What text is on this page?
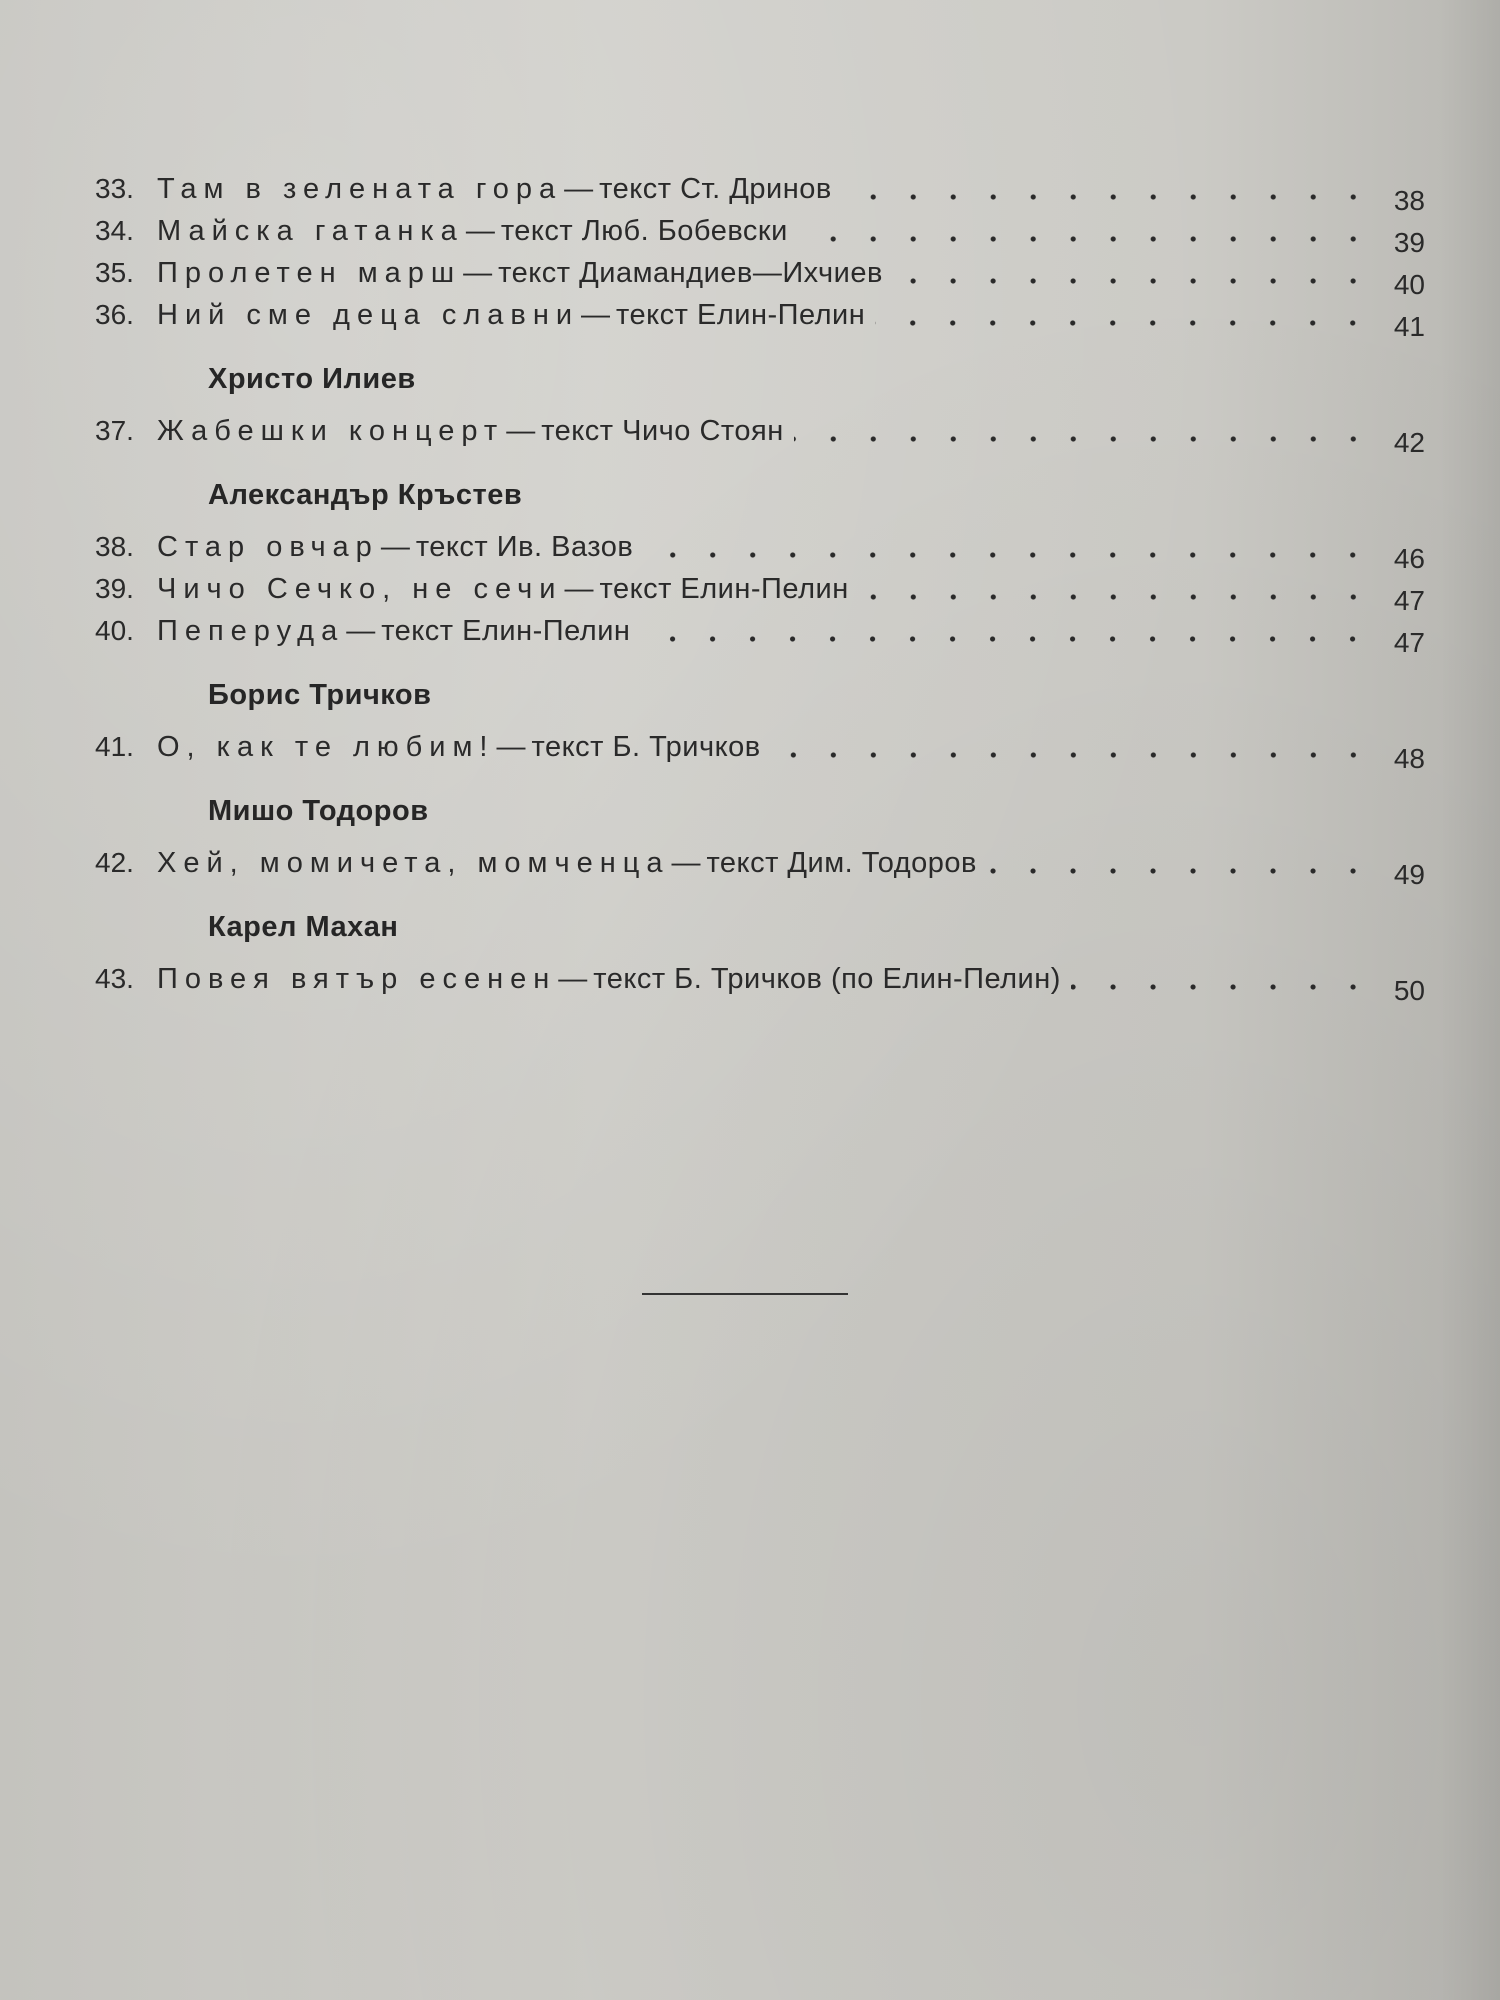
33. Там в зелената гора — текст Ст. Дринов	38
34. Майска гатанка — текст Люб. Бобевски	39
35. Пролетен марш — текст Диамандиев—Ихчиев	40
36. Ний сме деца славни — текст Елин-Пелин	41
Христо Илиев
37. Жабешки концерт — текст Чичо Стоян	42
Александър Кръстев
38. Стар овчар — текст Ив. Вазов	46
39. Чичо Сечко, не сечи — текст Елин-Пелин	47
40. Пеперуда — текст Елин-Пелин	47
Борис Тричков
41. О, как те любим! — текст Б. Тричков	48
Мишо Тодоров
42. Хей, момичета, момченца — текст Дим. Тодоров	49
Карел Махан
43. Повея вятър есенен — текст Б. Тричков (по Елин-Пелин)	50
